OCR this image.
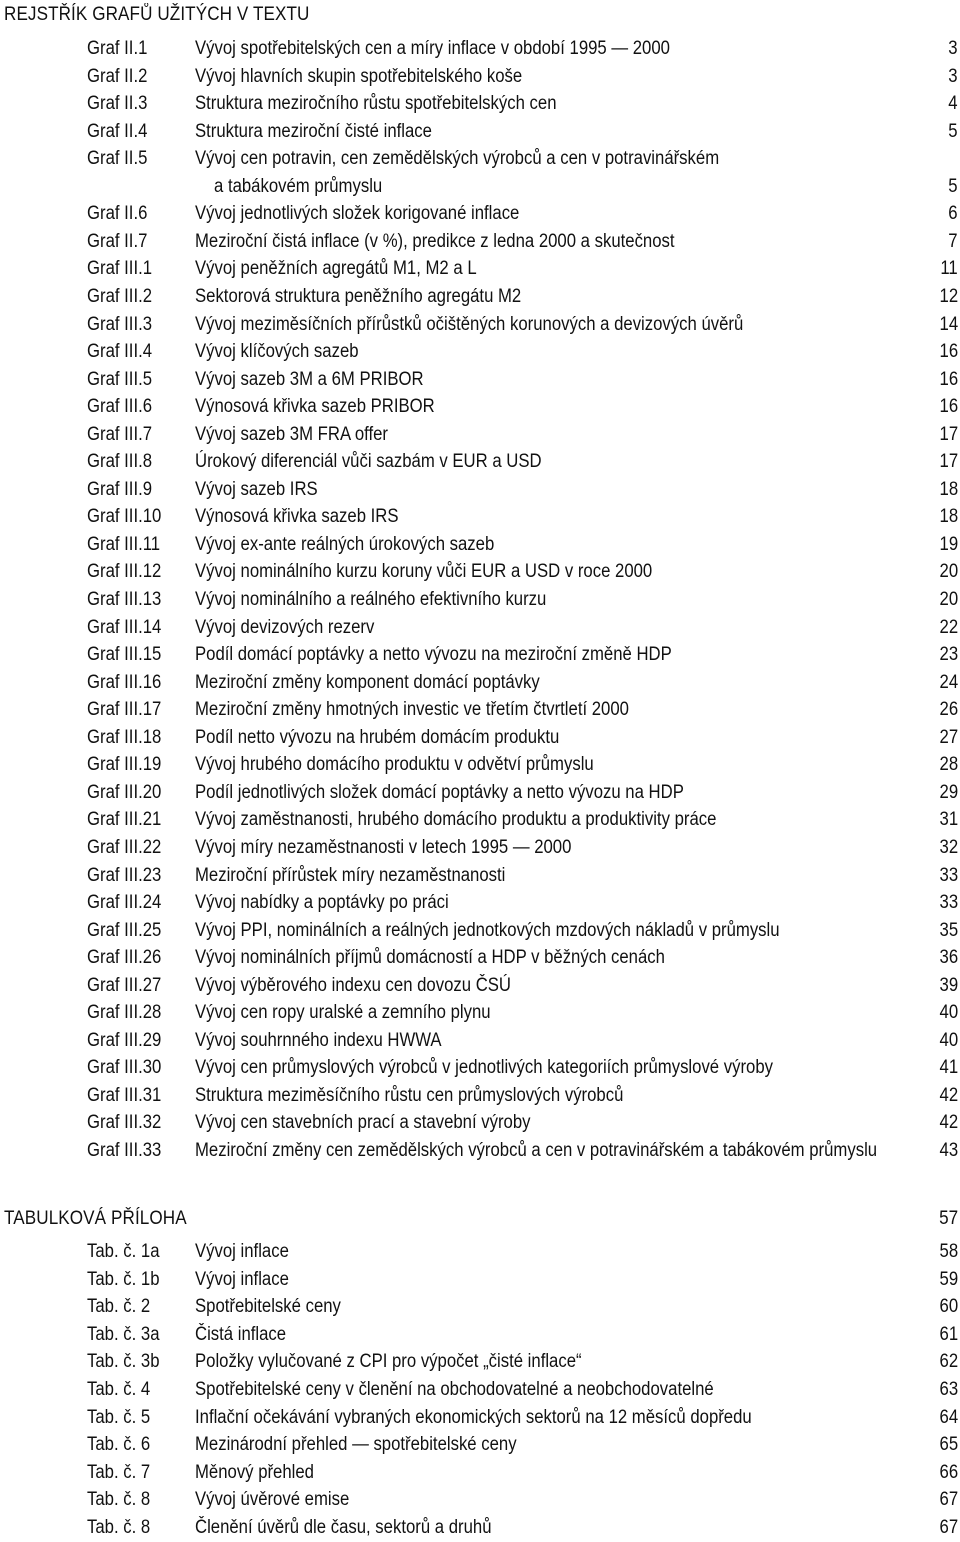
REJSTŘÍK GRAFŮ UŽITÝCH V TEXTU
Graf II.1	Vývoj spotřebitelských cen a míry inflace v období 1995 — 2000	3
Graf II.2	Vývoj hlavních skupin spotřebitelského koše	3
Graf II.3	Struktura meziročního růstu spotřebitelských cen	4
Graf II.4	Struktura meziroční čisté inflace	5
Graf II.5	Vývoj cen potravin, cen zemědělských výrobců a cen v potravinářském
a tabákovém průmyslu	5
Graf II.6	Vývoj jednotlivých složek korigované inflace	6
Graf II.7	Meziroční čistá inflace (v %), predikce z ledna 2000 a skutečnost	7
Graf III.1 Vývoj peněžních agregátů M1, M2 a L	11
Graf III.2 Sektorová struktura peněžního agregátu M2	12
Graf III.3 Vývoj meziměsíčních přírůstků očištěných korunových a devizových úvěrů	14
Graf III.4 Vývoj klíčových sazeb	16
Graf III.5 Vývoj sazeb 3M a 6M PRIBOR	16
Graf III.6 Výnosová křivka sazeb PRIBOR	16
Graf III.7 Vývoj sazeb 3M FRA offer	17
Graf III.8 Úrokový diferenciál vůči sazbám v EUR a USD	17
Graf III.9 Vývoj sazeb IRS	18
Graf III.10 Výnosová křivka sazeb IRS	18
Graf III.11 Vývoj ex-ante reálných úrokových sazeb	19
Graf III.12 Vývoj nominálního kurzu koruny vůči EUR a USD v roce 2000	20
Graf III.13 Vývoj nominálního a reálného efektivního kurzu	20
Graf III.14 Vývoj devizových rezerv	22
Graf III.15 Podíl domácí poptávky a netto vývozu na meziroční změně HDP	23
Graf III.16 Meziroční změny komponent domácí poptávky	24
Graf III.17 Meziroční změny hmotných investic ve třetím čtvrtletí 2000	26
Graf III.18 Podíl netto vývozu na hrubém domácím produktu	27
Graf III.19 Vývoj hrubého domácího produktu v odvětví průmyslu	28
Graf III.20 Podíl jednotlivých složek domácí poptávky a netto vývozu na HDP	29
Graf III.21 Vývoj zaměstnanosti, hrubého domácího produktu a produktivity práce	31
Graf III.22 Vývoj míry nezaměstnanosti v letech 1995 — 2000	32
Graf III.23 Meziroční přírůstek míry nezaměstnanosti	33
Graf III.24 Vývoj nabídky a poptávky po práci	33
Graf III.25 Vývoj PPI, nominálních a reálných jednotkových mzdových nákladů v průmyslu	35
Graf III.26 Vývoj nominálních příjmů domácností a HDP v běžných cenách	36
Graf III.27 Vývoj výběrového indexu cen dovozu ČSÚ	39
Graf III.28 Vývoj cen ropy uralské a zemního plynu	40
Graf III.29 Vývoj souhrnného indexu HWWA	40
Graf III.30 Vývoj cen průmyslových výrobců v jednotlivých kategoriích průmyslové výroby	41
Graf III.31 Struktura meziměsíčního růstu cen průmyslových výrobců	42
Graf III.32 Vývoj cen stavebních prací a stavební výroby	42
Graf III.33 Meziroční změny cen zemědělských výrobců a cen v potravinářském a tabákovém průmyslu	43
TABULKOVÁ PŘÍLOHA	57
Tab. č. 1a Vývoj inflace	58
Tab. č. 1b Vývoj inflace	59
Tab. č. 2 Spotřebitelské ceny	60
Tab. č. 3a Čistá inflace	61
Tab. č. 3b Položky vylučované z CPI pro výpočet „čisté inflace“	62
Tab. č. 4 Spotřebitelské ceny v členění na obchodovatelné a neobchodovatelné	63
Tab. č. 5 Inflační očekávání vybraných ekonomických sektorů na 12 měsíců dopředu	64
Tab. č. 6 Mezinárodní přehled — spotřebitelské ceny	65
Tab. č. 7 Měnový přehled	66
Tab. č. 8 Vývoj úvěrové emise	67
Tab. č. 8 Členění úvěrů dle času, sektorů a druhů	67
